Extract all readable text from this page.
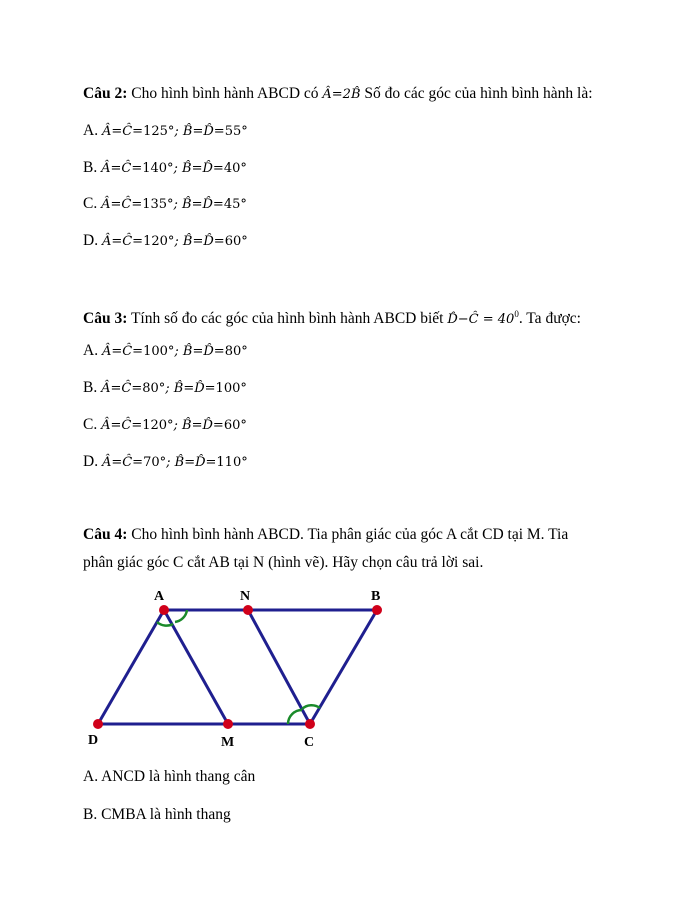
Câu 2: Cho hình bình hành ABCD có Â=2B̂ Số đo các góc của hình bình hành là:
A. Â=Ĉ=125°; B̂=D̂=55°
B. Â=Ĉ=140°; B̂=D̂=40°
C. Â=Ĉ=135°; B̂=D̂=45°
D. Â=Ĉ=120°; B̂=D̂=60°
Câu 3: Tính số đo các góc của hình bình hành ABCD biết D̂−Ĉ = $40^0$. Ta được:
A. Â=Ĉ=100°; B̂=D̂=80°
B. Â=Ĉ=80°; B̂=D̂=100°
C. Â=Ĉ=120°; B̂=D̂=60°
D. Â=Ĉ=70°; B̂=D̂=110°
Câu 4: Cho hình bình hành ABCD. Tia phân giác của góc A cắt CD tại M. Tia
phân giác góc C cắt AB tại N (hình vẽ). Hãy chọn câu trả lời sai.
A	N	B
D	M	C
A. ANCD là hình thang cân
B. CMBA là hình thang
